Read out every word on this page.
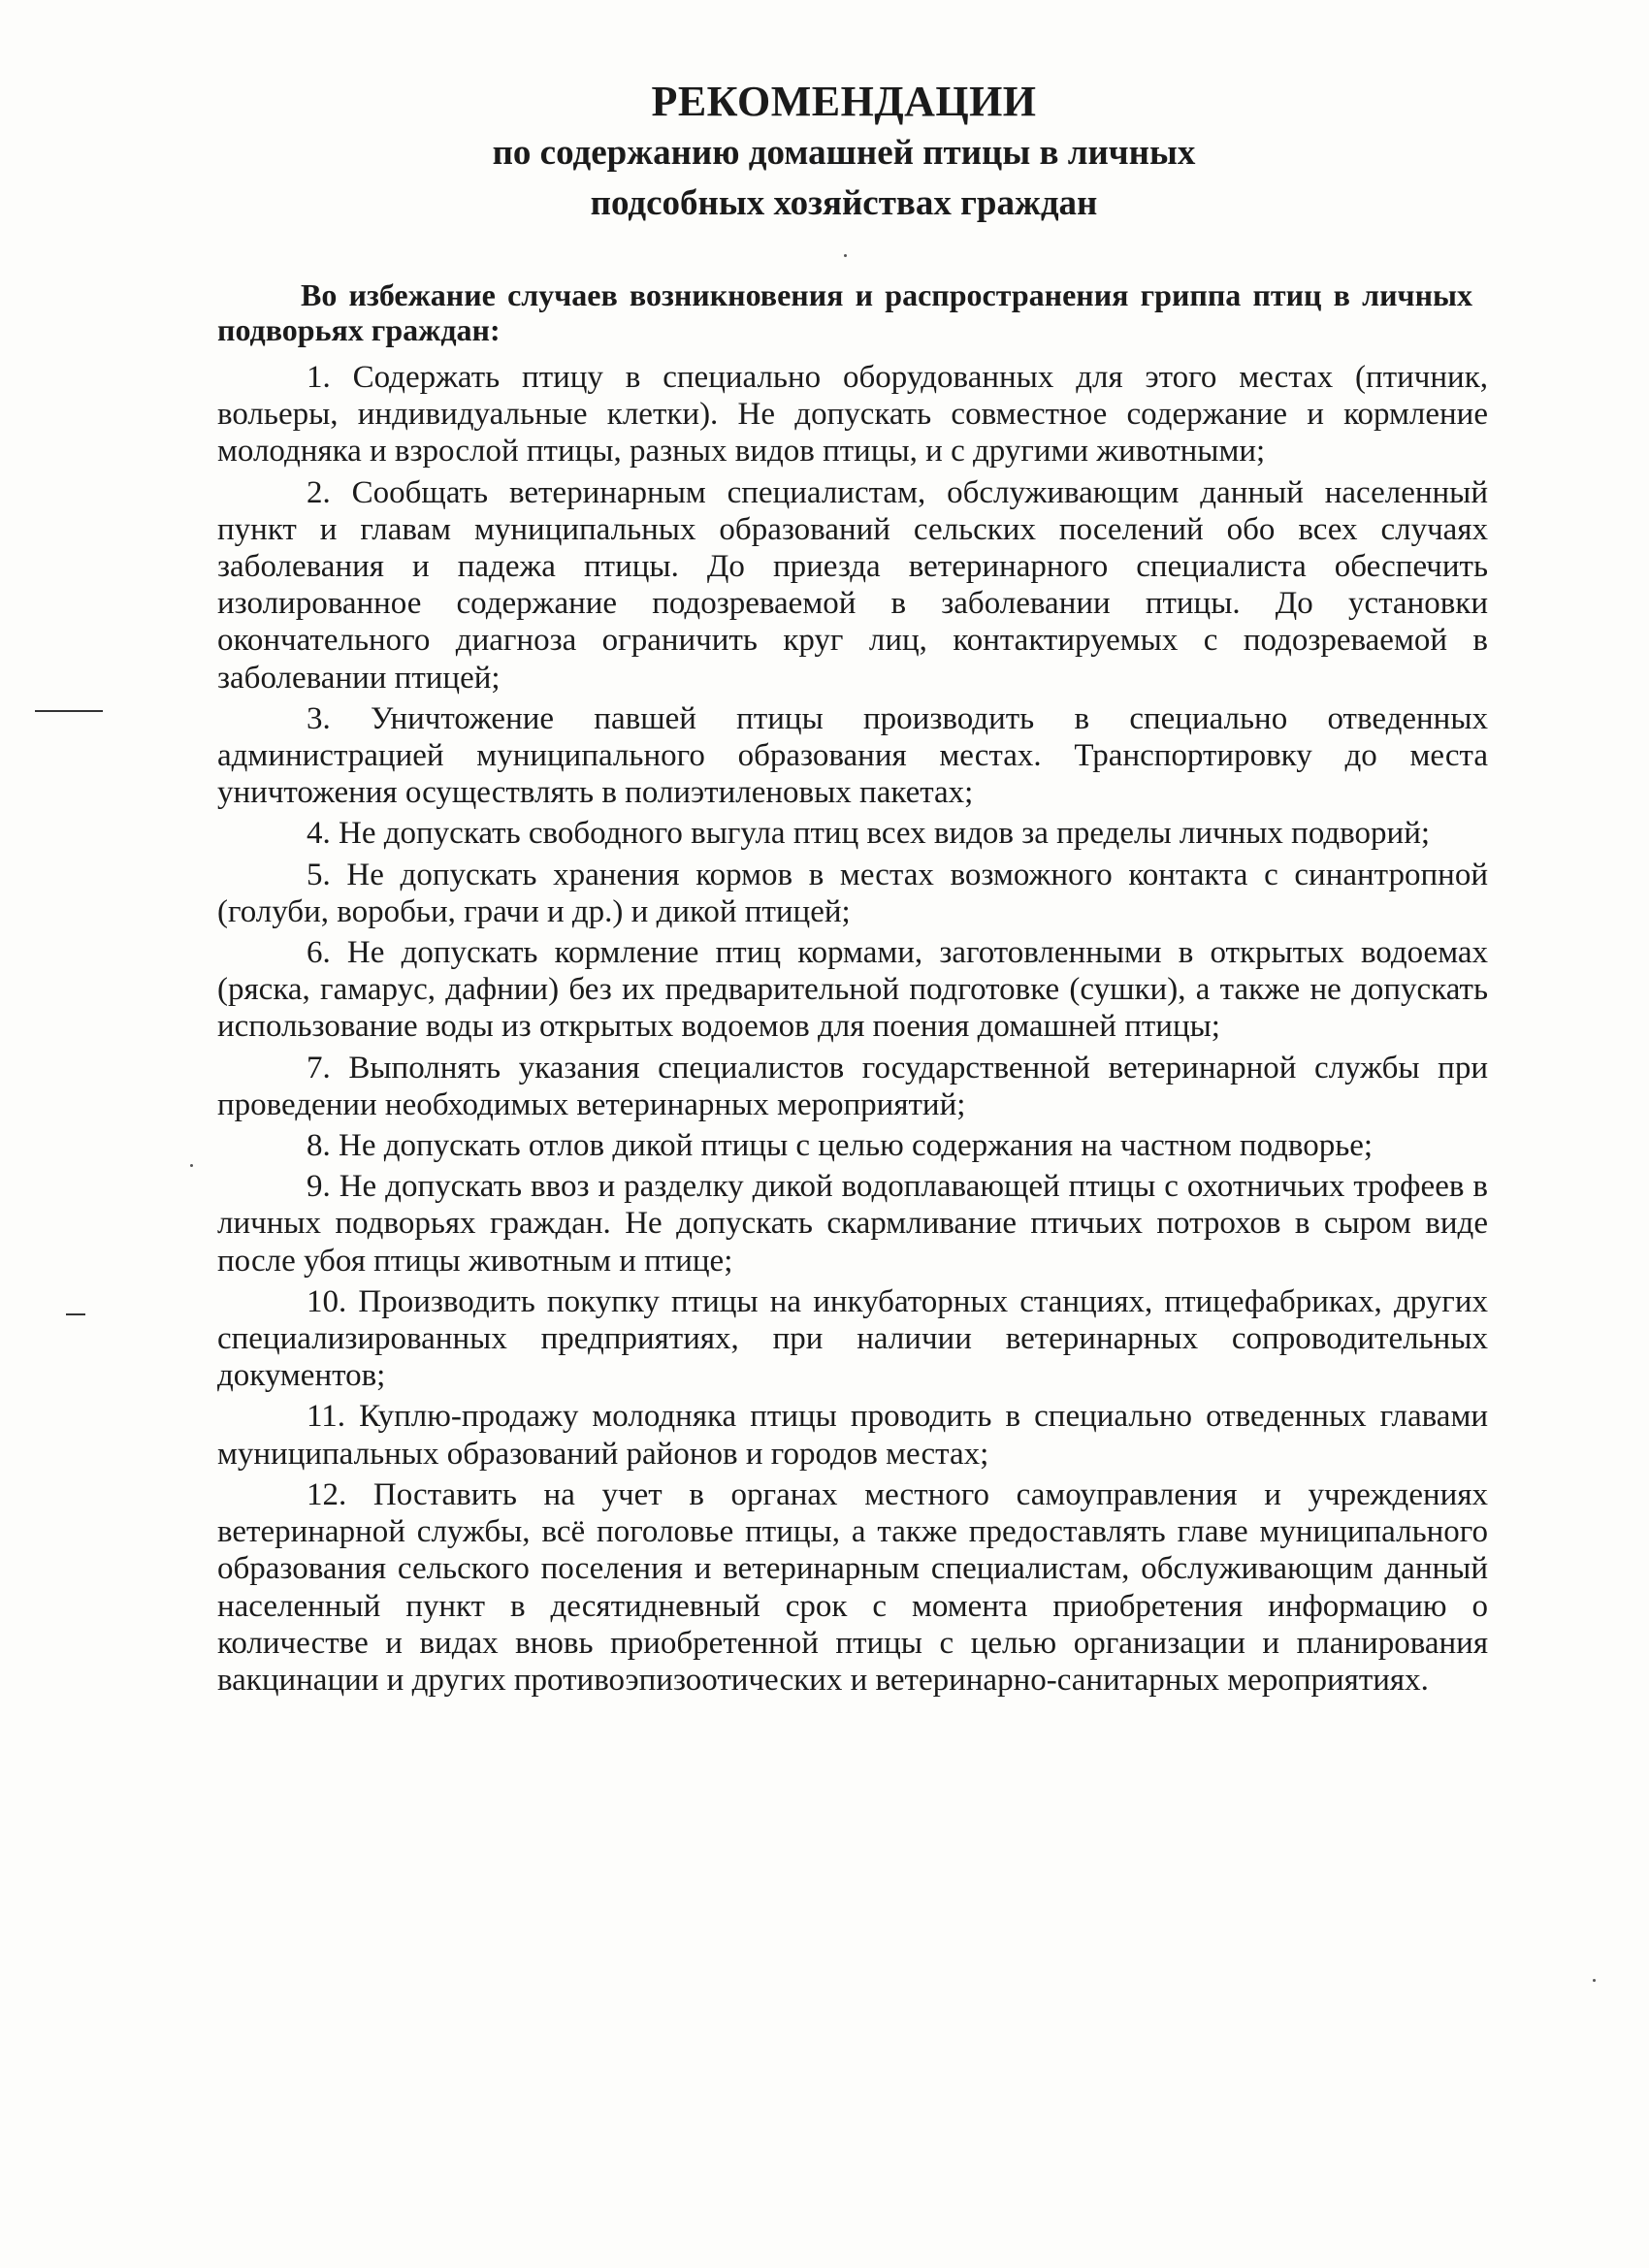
РЕКОМЕНДАЦИИ
по содержанию домашней птицы в личных
подсобных хозяйствах граждан
Во избежание случаев возникновения и распространения гриппа птиц в личных подворьях граждан:

1. Содержать птицу в специально оборудованных для этого местах (птичник, вольеры, индивидуальные клетки). Не допускать совместное содержание и кормление молодняка и взрослой птицы, разных видов птицы, и с другими животными;

2. Сообщать ветеринарным специалистам, обслуживающим данный населенный пункт и главам муниципальных образований сельских поселений обо всех случаях заболевания и падежа птицы. До приезда ветеринарного специалиста обеспечить изолированное содержание подозреваемой в заболевании птицы. До установки окончательного диагноза ограничить круг лиц, контактируемых с подозреваемой в заболевании птицей;

3. Уничтожение павшей птицы производить в специально отведенных администрацией муниципального образования местах. Транспортировку до места уничтожения осуществлять в полиэтиленовых пакетах;

4. Не допускать свободного выгула птиц всех видов за пределы личных подворий;

5. Не допускать хранения кормов в местах возможного контакта с синантропной (голуби, воробьи, грачи и др.) и дикой птицей;

6. Не допускать кормление птиц кормами, заготовленными в открытых водоемах (ряска, гамарус, дафнии) без их предварительной подготовке (сушки), а также не допускать использование воды из открытых водоемов для поения домашней птицы;

7. Выполнять указания специалистов государственной ветеринарной службы при проведении необходимых ветеринарных мероприятий;

8. Не допускать отлов дикой птицы с целью содержания на частном подворье;

9. Не допускать ввоз и разделку дикой водоплавающей птицы с охотничьих трофеев в личных подворьях граждан. Не допускать скармливание птичьих потрохов в сыром виде после убоя птицы животным и птице;

10. Производить покупку птицы на инкубаторных станциях, птицефабриках, других специализированных предприятиях, при наличии ветеринарных сопроводительных документов;

11. Куплю-продажу молодняка птицы проводить в специально отведенных главами муниципальных образований районов и городов местах;

12. Поставить на учет в органах местного самоуправления и учреждениях ветеринарной службы, всё поголовье птицы, а также предоставлять главе муниципального образования сельского поселения и ветеринарным специалистам, обслуживающим данный населенный пункт в десятидневный срок с момента приобретения информацию о количестве и видах вновь приобретенной птицы с целью организации и планирования вакцинации и других противоэпизоотических и ветеринарно-санитарных мероприятиях.
